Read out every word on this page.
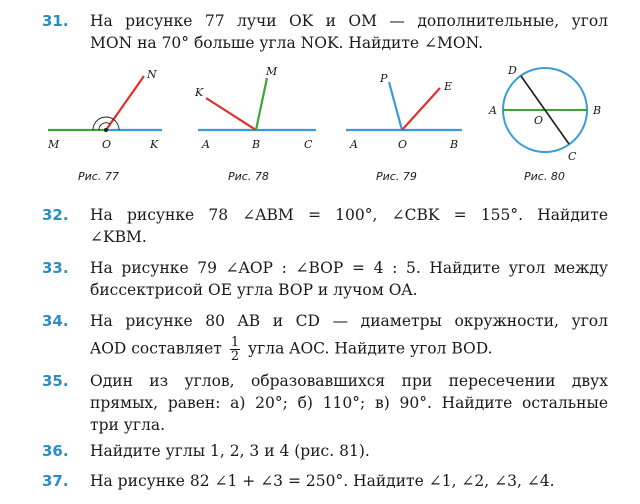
31. На рисунке 77 лучи OK и OM — дополнительные, угол
MON на 70° больше угла NOK. Найдите ∠MON.
M	O	K
N
Рис. 77
A	B	C
K
M
Рис. 78
A	O	B
P
E
Рис. 79
A	B
O
C
D
Рис. 80
32. На рисунке 78 ∠ABM = 100°, ∠CBK = 155°. Найдите
∠KBM.
33. На рисунке 79 ∠AOP : ∠BOP = 4 : 5. Найдите угол между
биссектрисой OE угла BOP и лучом OA.
34. На рисунке 80 AB и CD — диаметры окружности, угол
AOD составляет $\frac{1}{2}$ угла AOC. Найдите угол BOD.
35. Один из углов, образовавшихся при пересечении двух
прямых, равен: а) 20°; б) 110°; в) 90°. Найдите остальные
три угла.
36. Найдите углы 1, 2, 3 и 4 (рис. 81).
37. На рисунке 82 ∠1 + ∠3 = 250°. Найдите ∠1, ∠2, ∠3, ∠4.
